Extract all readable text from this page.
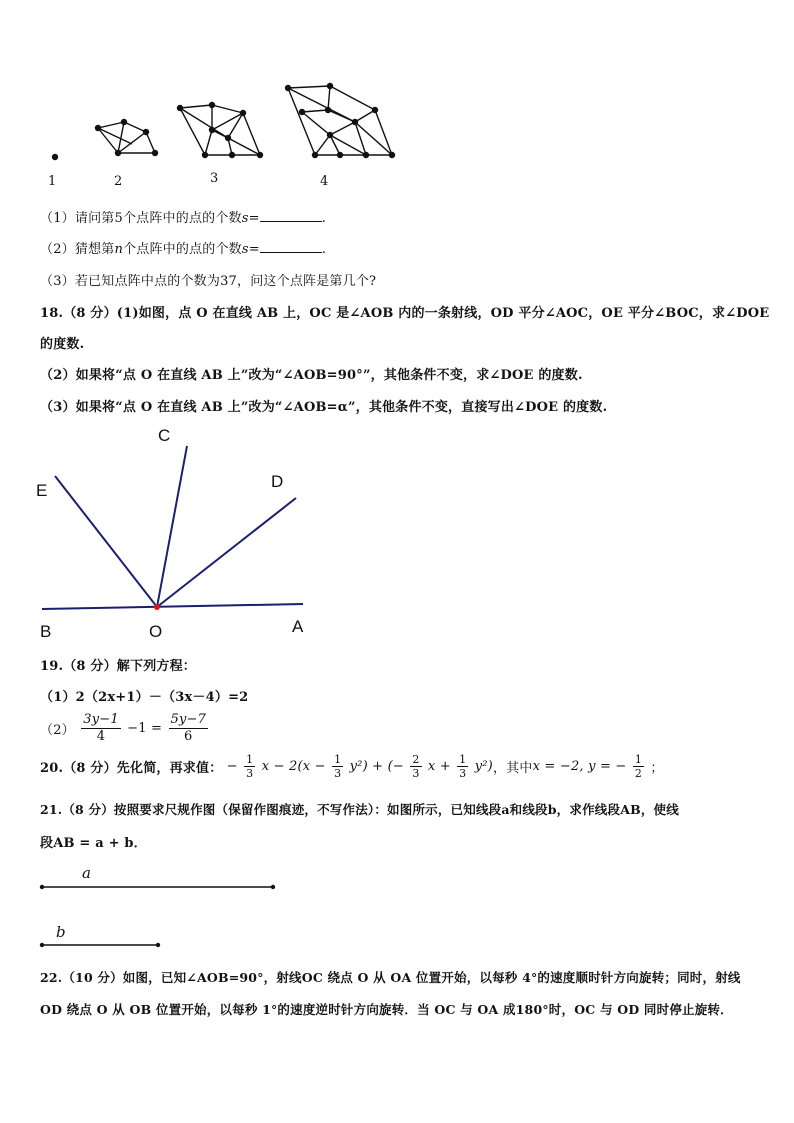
1	2	3	4
（1）请问第5个点阵中的点的个数s=	.
（2）猜想第n个点阵中的点的个数s=	.
（3）若已知点阵中点的个数为37，问这个点阵是第几个?
18.（8 分）(1)如图，点 O 在直线 AB 上，OC 是∠AOB 内的一条射线，OD 平分∠AOC，OE 平分∠BOC，求∠DOE
的度数.
（2）如果将“点 O 在直线 AB 上”改为“∠AOB=90°”，其他条件不变，求∠DOE 的度数.
（3）如果将“点 O 在直线 AB 上”改为“∠AOB=α”，其他条件不变，直接写出∠DOE 的度数.
C
E	D
B	O	A
19.（8 分）解下列方程：
（1）2（2x+1）－（3x－4）=2
$(2) \frac{3y-1}{4} -1 = \frac{5y-7}{6}$
20.（8 分）先化简，再求值： − $\frac{1}{3}$ $x - 2(x - \frac{1}{3} y^2)$ + (− $\frac{2}{3}$ $x + \frac{1}{3} y^2$)，其中x = −2, y = − $\frac{1}{2}$ ；
21.（8 分）按照要求尺规作图（保留作图痕迹，不写作法）：如图所示，已知线段a和线段b，求作线段AB，使线
段AB = a + b．
a
b
22.（10 分）如图，已知∠AOB=90°，射线OC 绕点 O 从 OA 位置开始，以每秒 4°的速度顺时针方向旋转；同时，射线
OD 绕点 O 从 OB 位置开始，以每秒 1°的速度逆时针方向旋转．当 OC 与 OA 成180°时，OC 与 OD 同时停止旋转．
